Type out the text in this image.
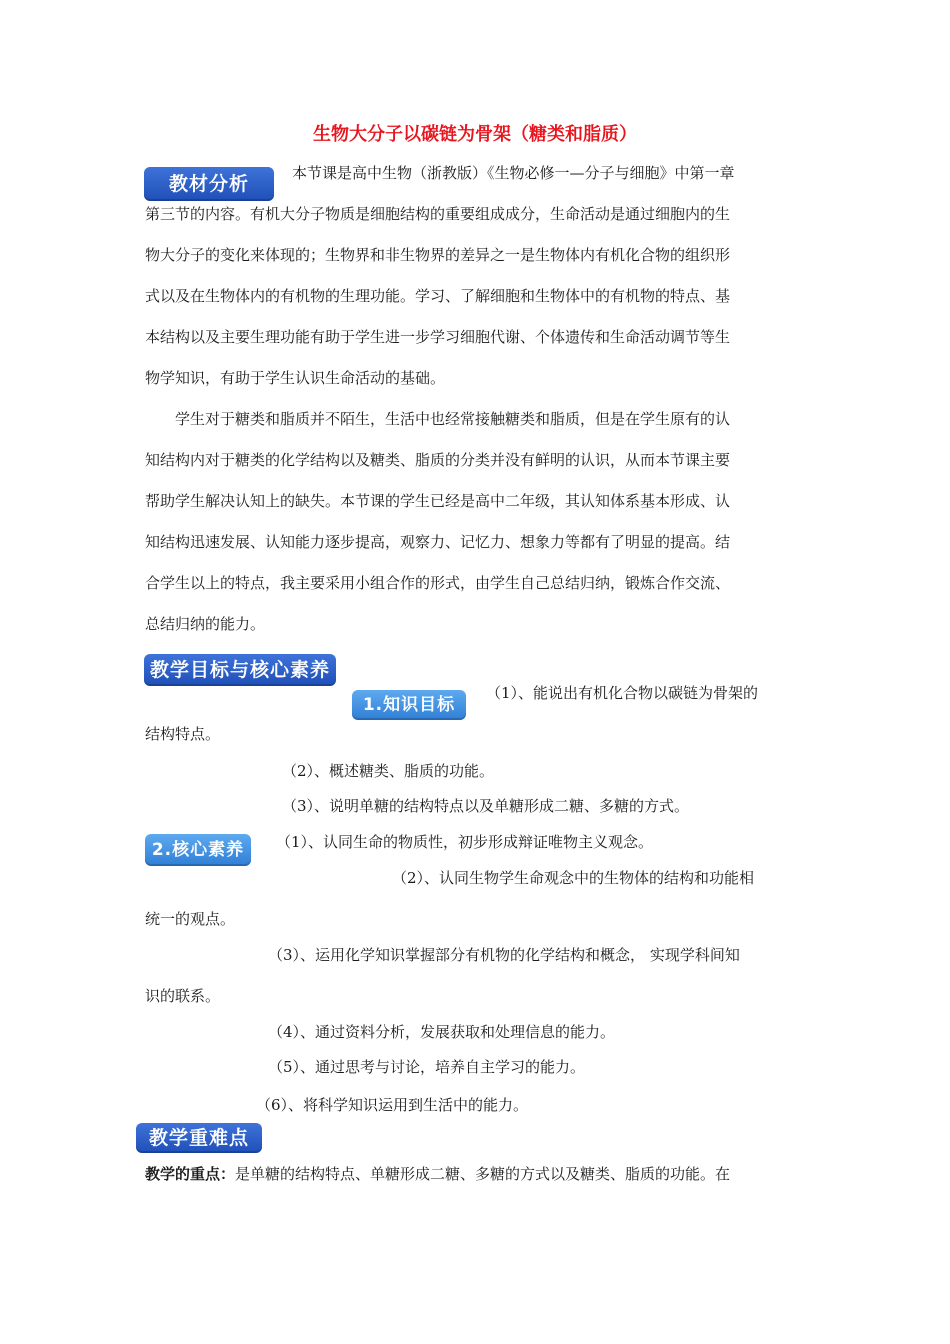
生物大分子以碳链为骨架（糖类和脂质）
教材分析	本节课是高中生物（浙教版）《生物必修一—分子与细胞》中第一章
第三节的内容。有机大分子物质是细胞结构的重要组成成分，生命活动是通过细胞内的生
物大分子的变化来体现的；生物界和非生物界的差异之一是生物体内有机化合物的组织形
式以及在生物体内的有机物的生理功能。学习、了解细胞和生物体中的有机物的特点、基
本结构以及主要生理功能有助于学生进一步学习细胞代谢、个体遗传和生命活动调节等生
物学知识，有助于学生认识生命活动的基础。
学生对于糖类和脂质并不陌生，生活中也经常接触糖类和脂质，但是在学生原有的认
知结构内对于糖类的化学结构以及糖类、脂质的分类并没有鲜明的认识，从而本节课主要
帮助学生解决认知上的缺失。本节课的学生已经是高中二年级，其认知体系基本形成、认
知结构迅速发展、认知能力逐步提高，观察力、记忆力、想象力等都有了明显的提高。结
合学生以上的特点，我主要采用小组合作的形式，由学生自己总结归纳，锻炼合作交流、
总结归纳的能力。
教学目标与核心素养
1.知识目标
（1）、能说出有机化合物以碳链为骨架的
结构特点。
（2）、概述糖类、脂质的功能。
（3）、说明单糖的结构特点以及单糖形成二糖、多糖的方式。
2.核心素养	（1）、认同生命的物质性，初步形成辩证唯物主义观念。
（2）、认同生物学生命观念中的生物体的结构和功能相
统一的观点。
（3）、运用化学知识掌握部分有机物的化学结构和概念， 实现学科间知
识的联系。
（4）、通过资料分析，发展获取和处理信息的能力。
（5）、通过思考与讨论，培养自主学习的能力。
（6）、将科学知识运用到生活中的能力。
教学重难点
教学的重点：是单糖的结构特点、单糖形成二糖、多糖的方式以及糖类、脂质的功能。在
